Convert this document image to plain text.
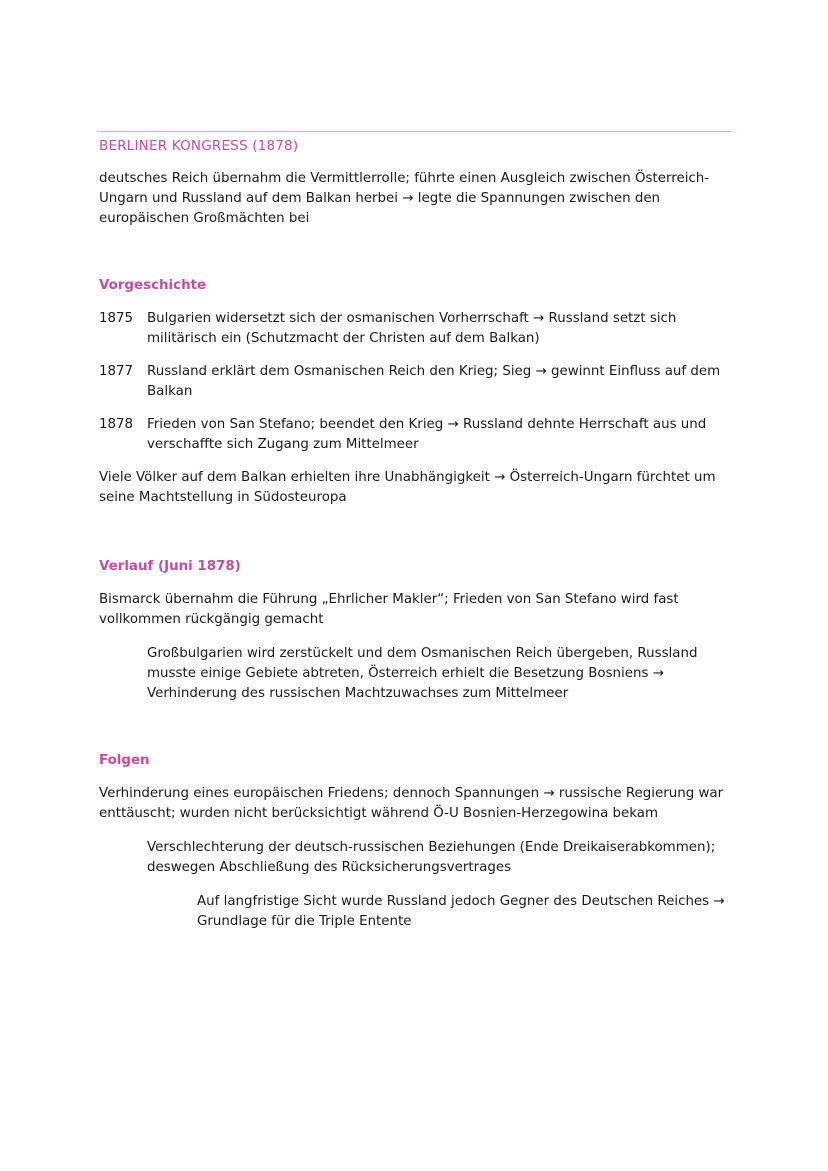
BERLINER KONGRESS (1878)

deutsches Reich übernahm die Vermittlerrolle; führte einen Ausgleich zwischen Österreich-Ungarn und Russland auf dem Balkan herbei → legte die Spannungen zwischen den europäischen Großmächten bei

Vorgeschichte
1875	Bulgarien widersetzt sich der osmanischen Vorherrschaft → Russland setzt sich militärisch ein (Schutzmacht der Christen auf dem Balkan)
1877	Russland erklärt dem Osmanischen Reich den Krieg; Sieg → gewinnt Einfluss auf dem Balkan
1878	Frieden von San Stefano; beendet den Krieg → Russland dehnte Herrschaft aus und verschaffte sich Zugang zum Mittelmeer

Viele Völker auf dem Balkan erhielten ihre Unabhängigkeit → Österreich-Ungarn fürchtet um seine Machtstellung in Südosteuropa

Verlauf (Juni 1878)

Bismarck übernahm die Führung „Ehrlicher Makler“; Frieden von San Stefano wird fast vollkommen rückgängig gemacht

Großbulgarien wird zerstückelt und dem Osmanischen Reich übergeben, Russland musste einige Gebiete abtreten, Österreich erhielt die Besetzung Bosniens → Verhinderung des russischen Machtzuwachses zum Mittelmeer

Folgen

Verhinderung eines europäischen Friedens; dennoch Spannungen → russische Regierung war enttäuscht; wurden nicht berücksichtigt während Ö-U Bosnien-Herzegowina bekam

Verschlechterung der deutsch-russischen Beziehungen (Ende Dreikaiserabkommen); deswegen Abschließung des Rücksicherungsvertrages

Auf langfristige Sicht wurde Russland jedoch Gegner des Deutschen Reiches → Grundlage für die Triple Entente
